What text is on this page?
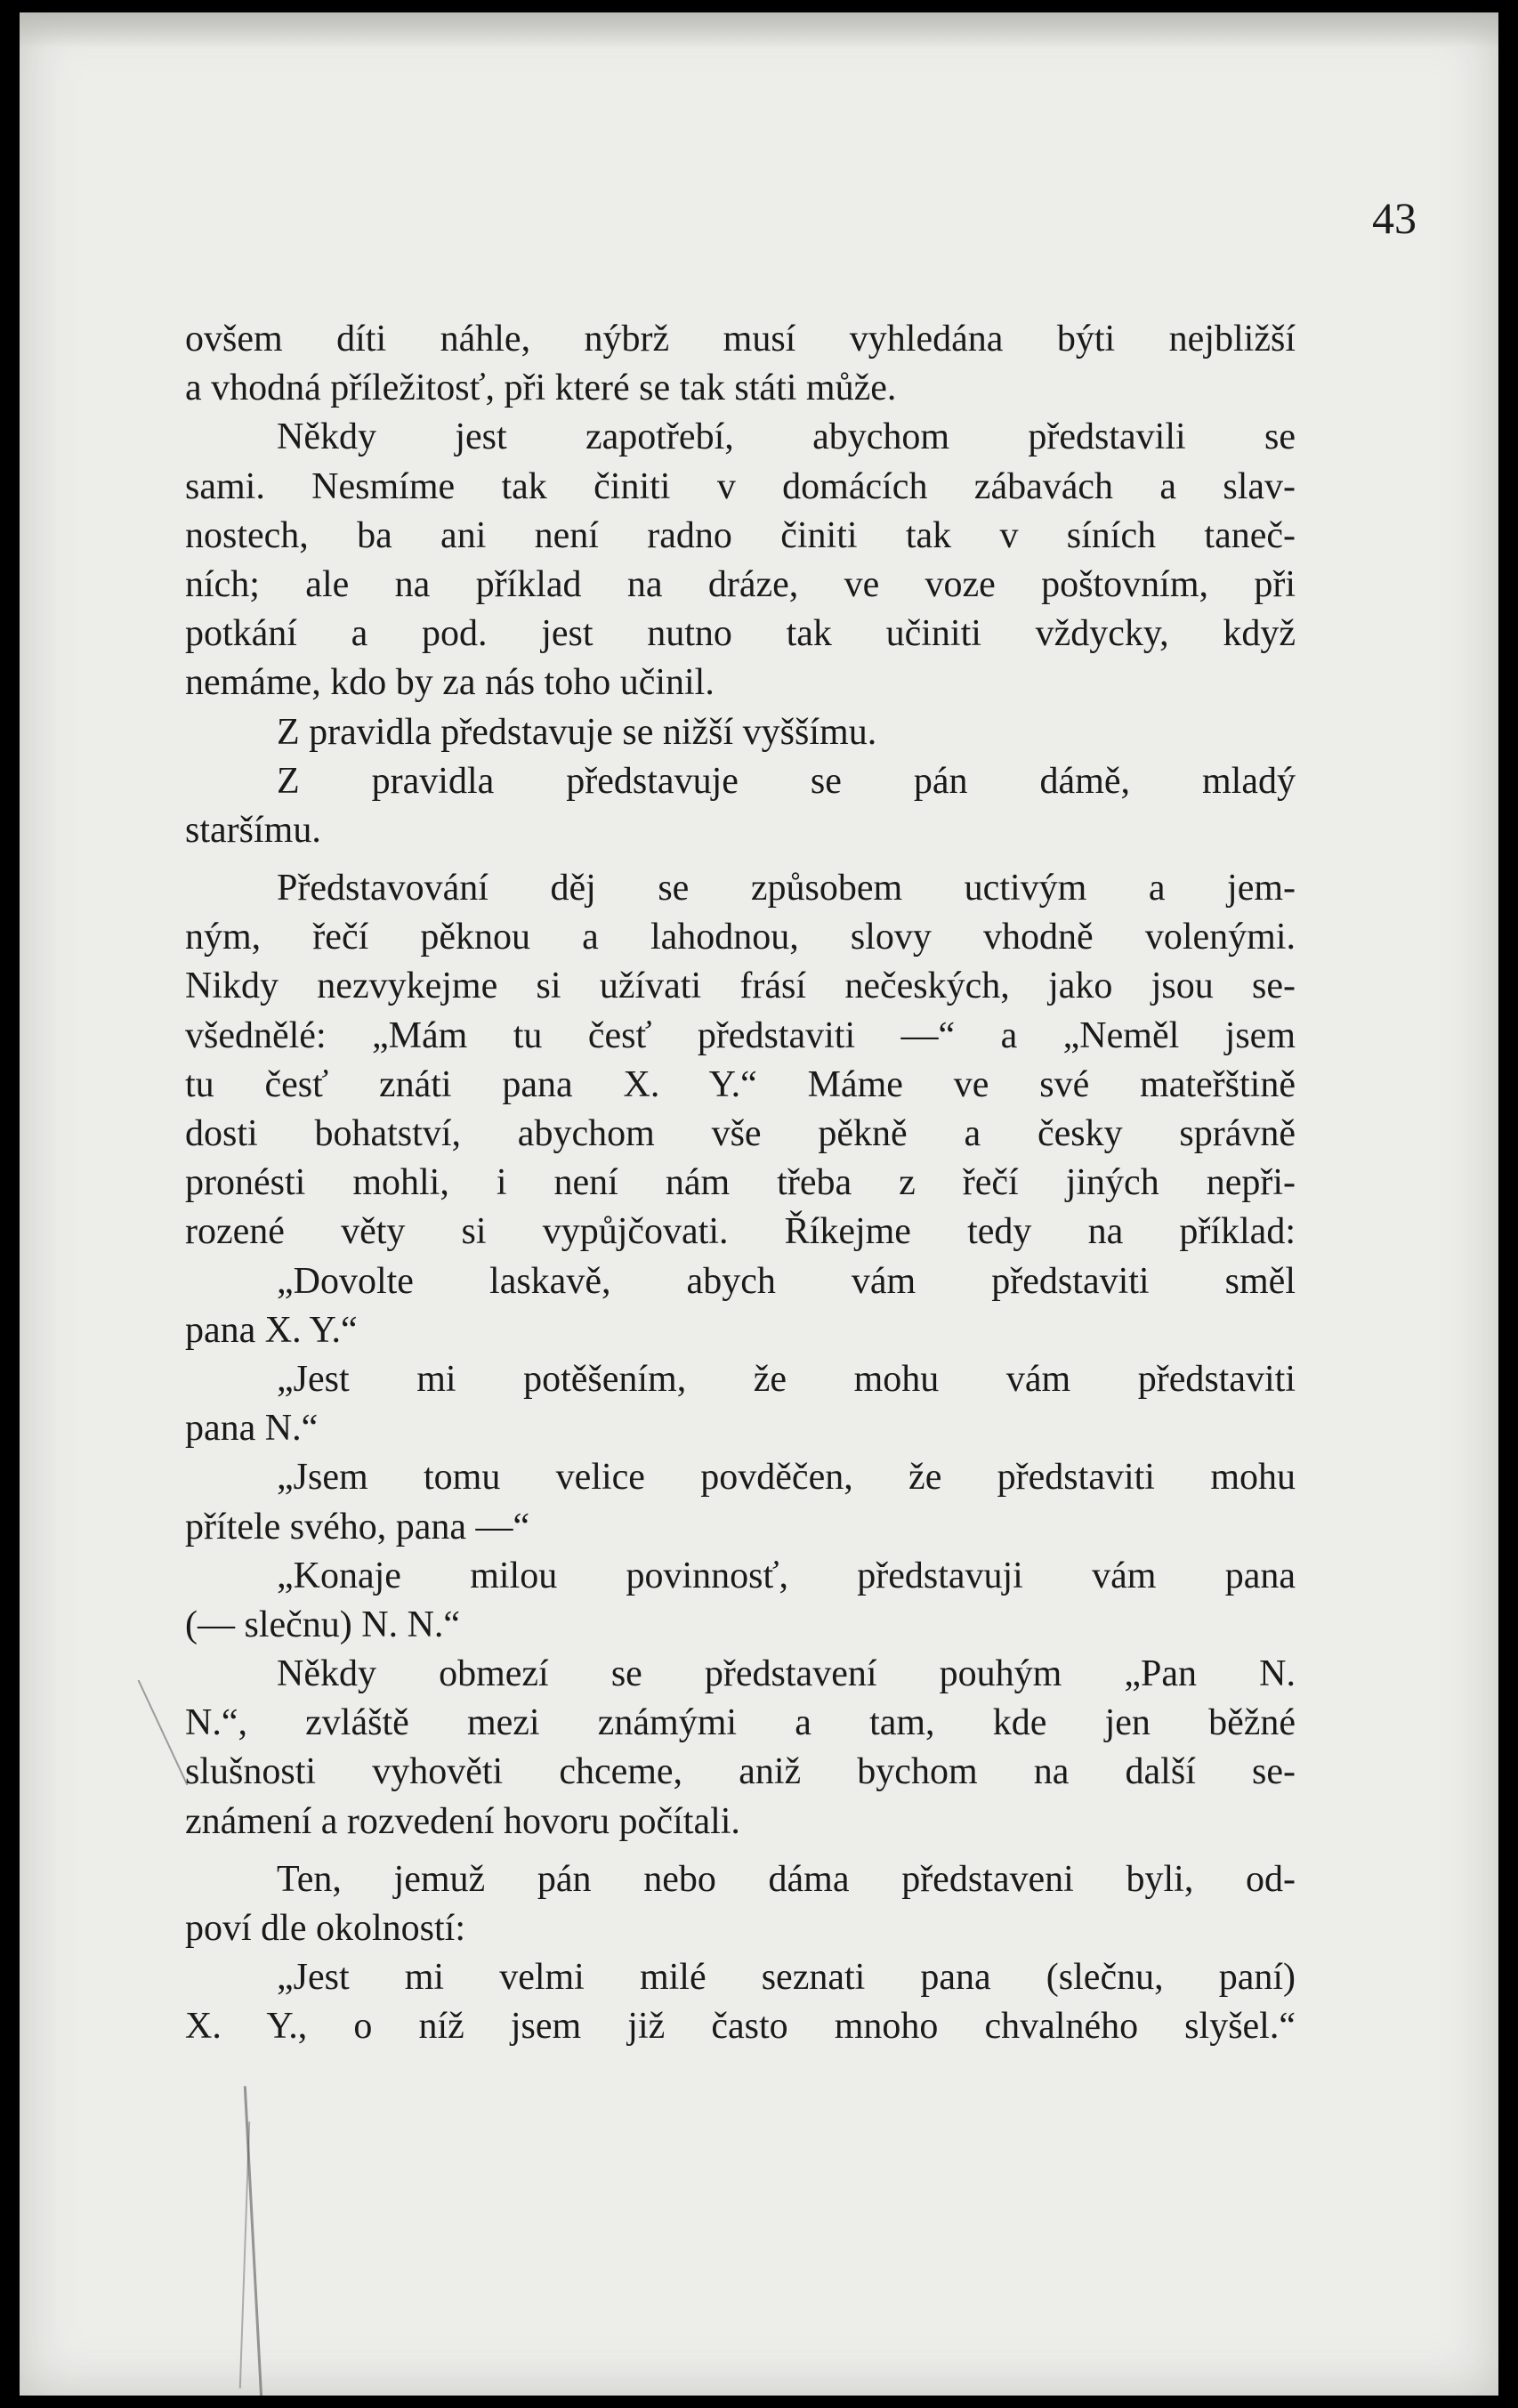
43
ovšem díti náhle, nýbrž musí vyhledána býti nejbližší
a vhodná příležitosť, při které se tak státi může.
Někdy jest zapotřebí, abychom představili se
sami. Nesmíme tak činiti v domácích zábavách a slav-
nostech, ba ani není radno činiti tak v síních taneč-
ních; ale na příklad na dráze, ve voze poštovním, při
potkání a pod. jest nutno tak učiniti vždycky, když
nemáme, kdo by za nás toho učinil.
Z pravidla představuje se nižší vyššímu.
Z pravidla představuje se pán dámě, mladý
staršímu.
Představování děj se způsobem uctivým a jem-
ným, řečí pěknou a lahodnou, slovy vhodně volenými.
Nikdy nezvykejme si užívati frásí nečeských, jako jsou se-
všednělé: „Mám tu česť představiti —“ a „Neměl jsem
tu česť znáti pana X. Y.“ Máme ve své mateřštině
dosti bohatství, abychom vše pěkně a česky správně
pronésti mohli, i není nám třeba z řečí jiných nepři-
rozené věty si vypůjčovati. Říkejme tedy na příklad:
„Dovolte laskavě, abych vám představiti směl
pana X. Y.“
„Jest mi potěšením, že mohu vám představiti
pana N.“
„Jsem tomu velice povděčen, že představiti mohu
přítele svého, pana —“
„Konaje milou povinnosť, představuji vám pana
(— slečnu) N. N.“
Někdy obmezí se představení pouhým „Pan N.
N.“, zvláště mezi známými a tam, kde jen běžné
slušnosti vyhověti chceme, aniž bychom na další se-
známení a rozvedení hovoru počítali.
Ten, jemuž pán nebo dáma představeni byli, od-
poví dle okolností:
„Jest mi velmi milé seznati pana (slečnu, paní)
X. Y., o níž jsem již často mnoho chvalného slyšel.“
